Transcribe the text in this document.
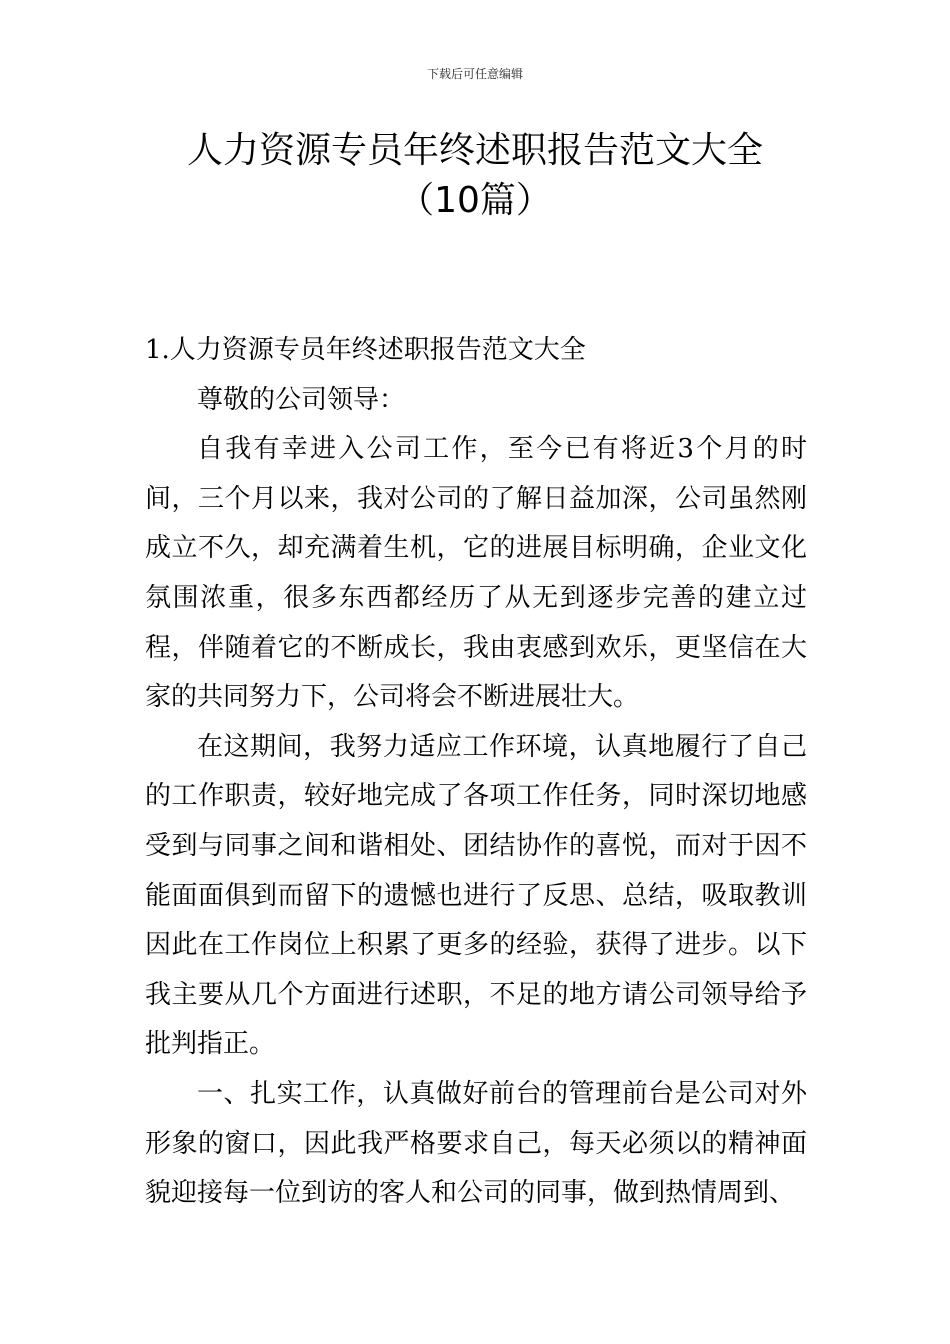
下载后可任意编辑
人力资源专员年终述职报告范文大全（10篇）

1.人力资源专员年终述职报告范文大全

尊敬的公司领导：

自我有幸进入公司工作，至今已有将近3个月的时间，三个月以来，我对公司的了解日益加深，公司虽然刚成立不久，却充满着生机，它的进展目标明确，企业文化氛围浓重，很多东西都经历了从无到逐步完善的建立过程，伴随着它的不断成长，我由衷感到欢乐，更坚信在大家的共同努力下，公司将会不断进展壮大。

在这期间，我努力适应工作环境，认真地履行了自己的工作职责，较好地完成了各项工作任务，同时深切地感受到与同事之间和谐相处、团结协作的喜悦，而对于因不能面面俱到而留下的遗憾也进行了反思、总结，吸取教训因此在工作岗位上积累了更多的经验，获得了进步。以下我主要从几个方面进行述职，不足的地方请公司领导给予批判指正。

一、扎实工作，认真做好前台的管理前台是公司对外形象的窗口，因此我严格要求自己，每天必须以的精神面貌迎接每一位到访的客人和公司的同事，做到热情周到、
